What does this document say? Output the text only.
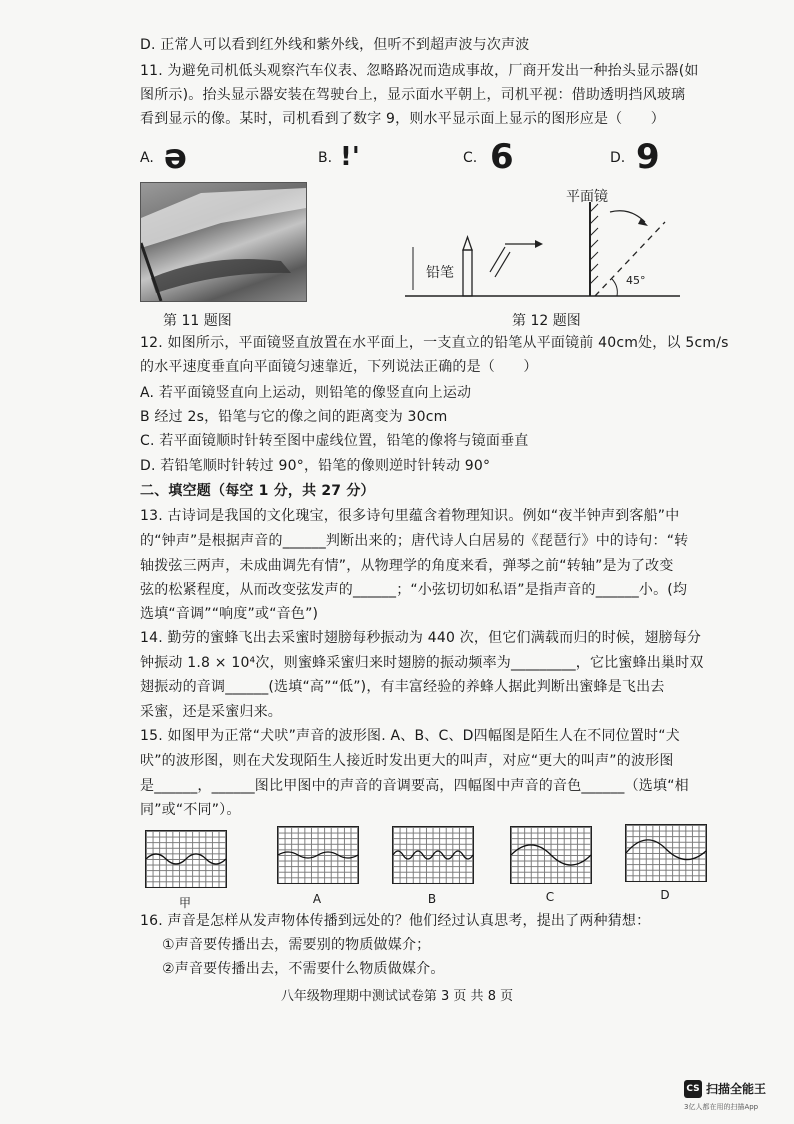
D. 正常人可以看到红外线和紫外线，但听不到超声波与次声波
11. 为避免司机低头观察汽车仪表、忽略路况而造成事故，厂商开发出一种抬头显示器(如
图所示)。抬头显示器安装在驾驶台上，显示面水平朝上，司机平视：借助透明挡风玻璃
看到显示的像。某时，司机看到了数字 9，则水平显示面上显示的图形应是（　　）
A. ə	B. !'	C. 6	D. 9
第 11 题图
平面镜
铅笔	45°
第 12 题图
12. 如图所示，平面镜竖直放置在水平面上，一支直立的铅笔从平面镜前 40cm处，以 5cm/s
的水平速度垂直向平面镜匀速靠近，下列说法正确的是（　　）
A. 若平面镜竖直向上运动，则铅笔的像竖直向上运动
B 经过 2s，铅笔与它的像之间的距离变为 30cm
C. 若平面镜顺时针转至图中虚线位置，铅笔的像将与镜面垂直
D. 若铅笔顺时针转过 90°，铅笔的像则逆时针转动 90°
二、填空题（每空 1 分，共 27 分）
13. 古诗词是我国的文化瑰宝，很多诗句里蕴含着物理知识。例如“夜半钟声到客船”中
的“钟声”是根据声音的______判断出来的；唐代诗人白居易的《琵琶行》中的诗句：“转
轴拨弦三两声，未成曲调先有情”，从物理学的角度来看，弹琴之前“转轴”是为了改变
弦的松紧程度，从而改变弦发声的______；“小弦切切如私语”是指声音的______小。(均
选填“音调”“响度”或“音色”)
14. 勤劳的蜜蜂飞出去采蜜时翅膀每秒振动为 440 次，但它们满载而归的时候，翅膀每分
钟振动 1.8 × 10⁴次，则蜜蜂采蜜归来时翅膀的振动频率为_________，它比蜜蜂出巢时双
翅振动的音调______(选填“高”“低”)，有丰富经验的养蜂人据此判断出蜜蜂是飞出去
采蜜，还是采蜜归来。
15. 如图甲为正常“犬吠”声音的波形图. A、B、C、D四幅图是陌生人在不同位置时“犬
吠”的波形图，则在犬发现陌生人接近时发出更大的叫声，对应“更大的叫声”的波形图
是______，______图比甲图中的声音的音调要高，四幅图中声音的音色______（选填“相
同”或“不同”）。
甲	A	B	C	D
16. 声音是怎样从发声物体传播到远处的？他们经过认真思考，提出了两种猜想：
①声音要传播出去，需要别的物质做媒介；
②声音要传播出去，不需要什么物质做媒介。
八年级物理期中测试试卷第 3 页 共 8 页
CS 扫描全能王
3亿人都在用的扫描App
